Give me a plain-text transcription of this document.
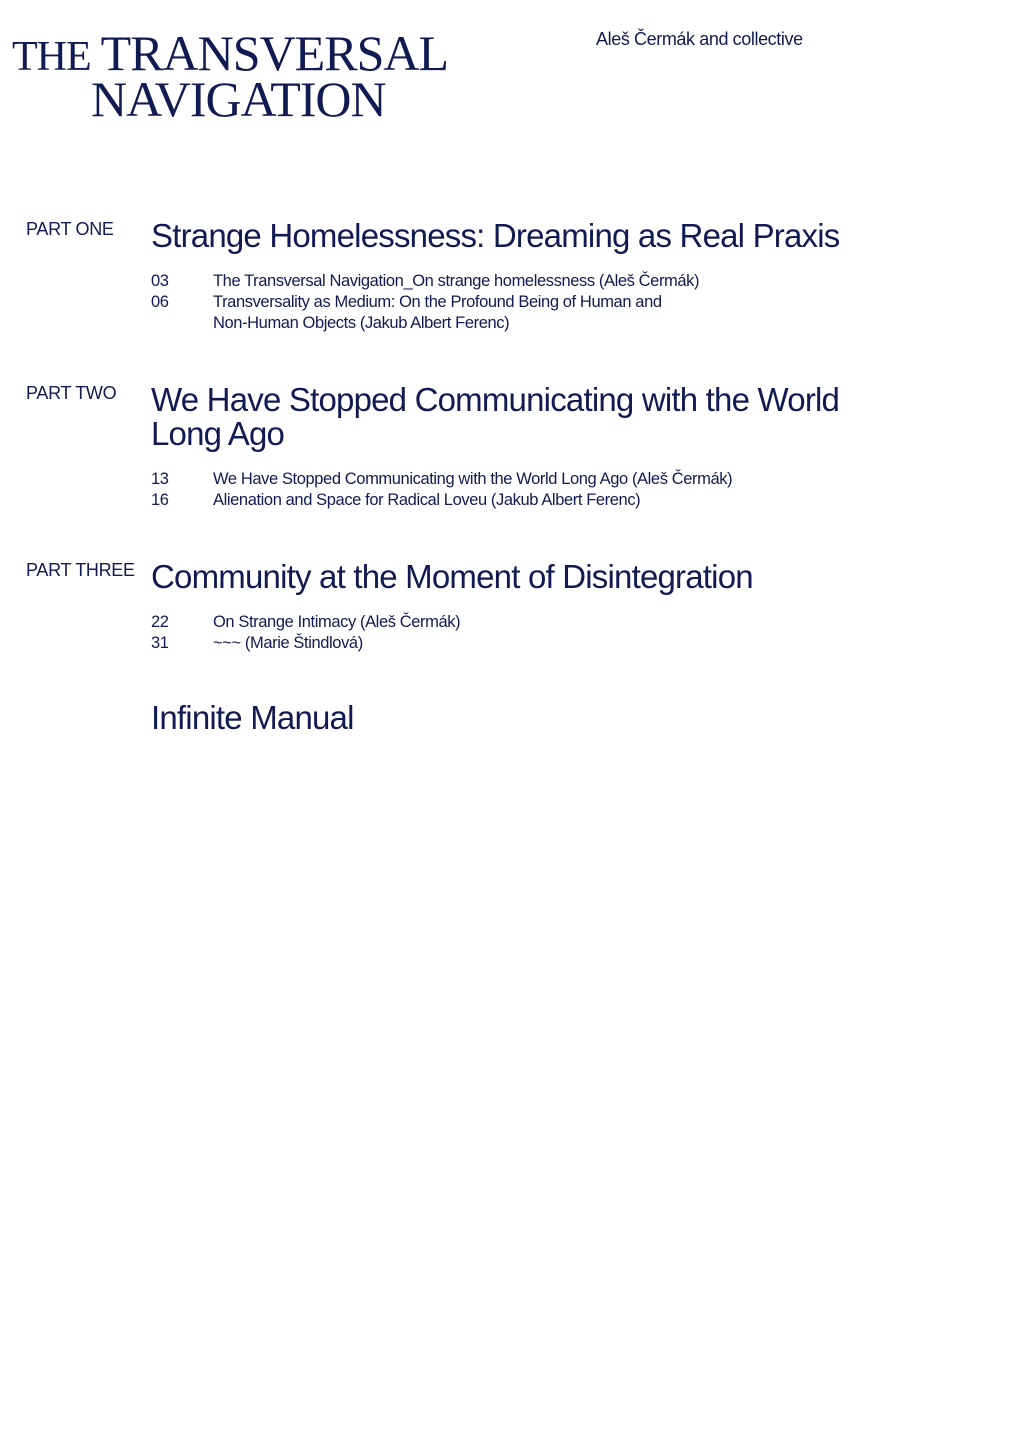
THE TRANSVERSAL
NAVIGATION
Aleš Čermák and collective
PART ONE Strange Homelessness: Dreaming as Real Praxis
03	The Transversal Navigation_On strange homelessness (Aleš Čermák)
06	Transversality as Medium: On the Profound Being of Human and Non-Human Objects (Jakub Albert Ferenc)
PART TWO We Have Stopped Communicating with the World Long Ago
13	We Have Stopped Communicating with the World Long Ago (Aleš Čermák)
16	Alienation and Space for Radical Loveu (Jakub Albert Ferenc)
PART THREE Community at the Moment of Disintegration
22	On Strange Intimacy (Aleš Čermák)
31	~~~ (Marie Štindlová)
Infinite Manual
